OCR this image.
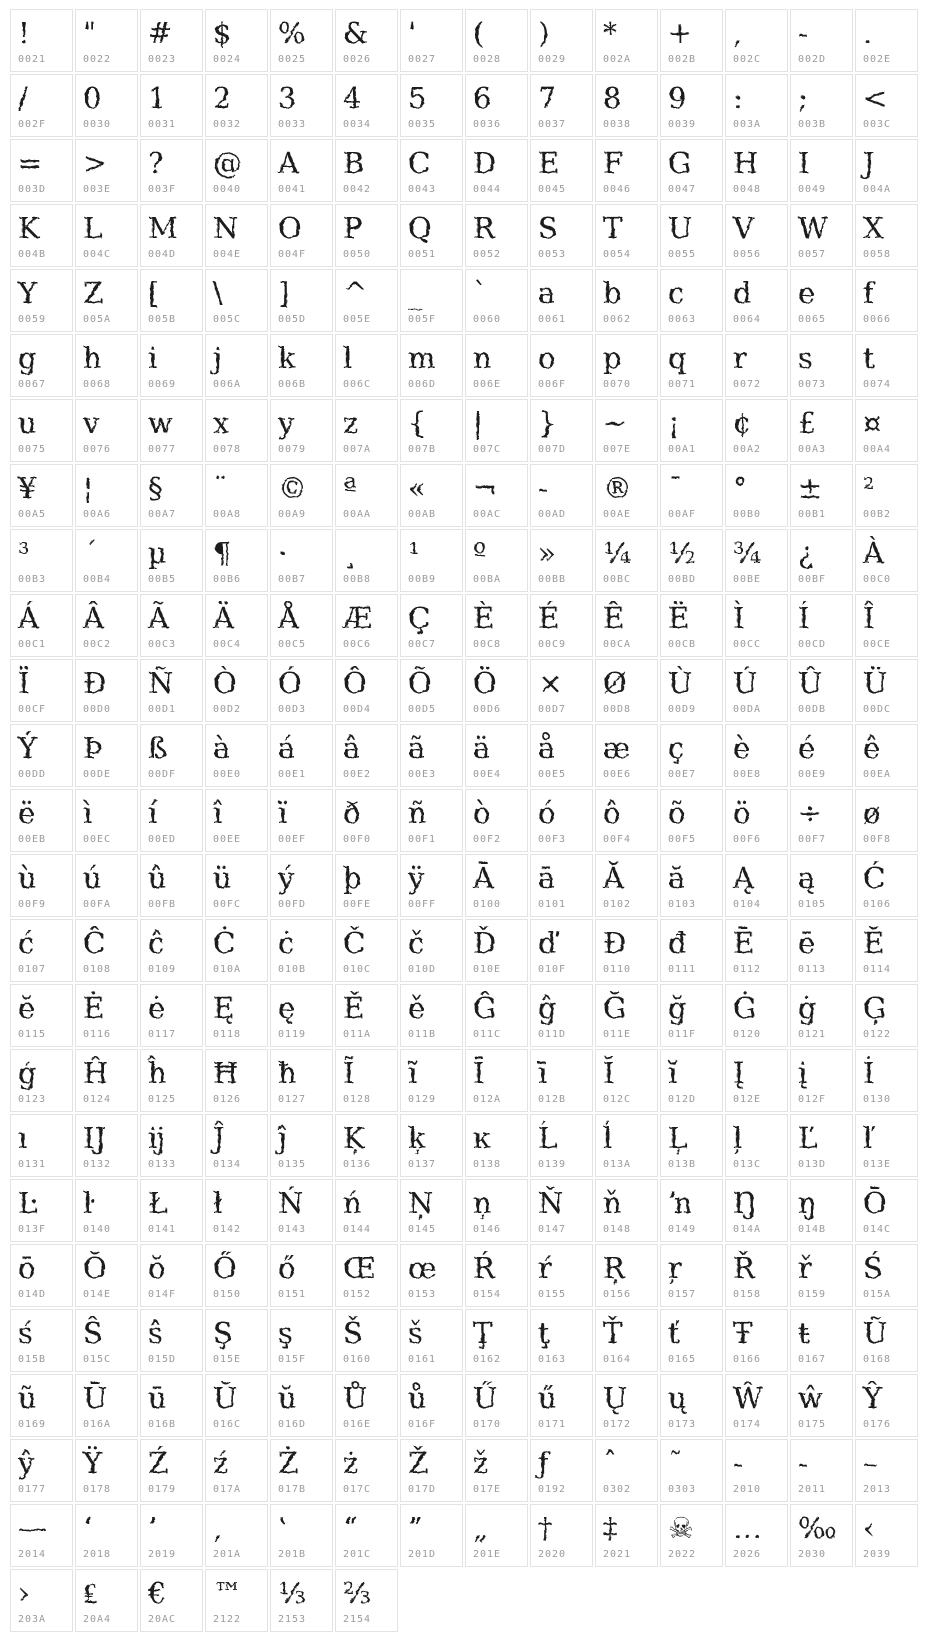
!
0021
"
0022
#
0023
$
0024
%
0025
&
0026
'
0027
(
0028
)
0029
*
002A
+
002B
,
002C
-
002D
.
002E
/
002F
0
0030
1
0031
2
0032
3
0033
4
0034
5
0035
6
0036
7
0037
8
0038
9
0039
:
003A
;
003B
<
003C
=
003D
>
003E
?
003F
@
0040
A
0041
B
0042
C
0043
D
0044
E
0045
F
0046
G
0047
H
0048
I
0049
J
004A
K
004B
L
004C
M
004D
N
004E
O
004F
P
0050
Q
0051
R
0052
S
0053
T
0054
U
0055
V
0056
W
0057
X
0058
Y
0059
Z
005A
[
005B
\
005C
]
005D
^
005E
_
005F
`
0060
a
0061
b
0062
c
0063
d
0064
e
0065
f
0066
g
0067
h
0068
i
0069
j
006A
k
006B
l
006C
m
006D
n
006E
o
006F
p
0070
q
0071
r
0072
s
0073
t
0074
u
0075
v
0076
w
0077
x
0078
y
0079
z
007A
{
007B
|
007C
}
007D
~
007E
¡
00A1
¢
00A2
£
00A3
¤
00A4
¥
00A5
¦
00A6
§
00A7
¨
00A8
©
00A9
ª
00AA
«
00AB
¬
00AC
-
00AD
®
00AE
¯
00AF
°
00B0
±
00B1
²
00B2
³
00B3
´
00B4
µ
00B5
¶
00B6
·
00B7
¸
00B8
¹
00B9
º
00BA
»
00BB
¼
00BC
½
00BD
¾
00BE
¿
00BF
À
00C0
Á
00C1
Â
00C2
Ã
00C3
Ä
00C4
Å
00C5
Æ
00C6
Ç
00C7
È
00C8
É
00C9
Ê
00CA
Ë
00CB
Ì
00CC
Í
00CD
Î
00CE
Ï
00CF
Ð
00D0
Ñ
00D1
Ò
00D2
Ó
00D3
Ô
00D4
Õ
00D5
Ö
00D6
×
00D7
Ø
00D8
Ù
00D9
Ú
00DA
Û
00DB
Ü
00DC
Ý
00DD
Þ
00DE
ß
00DF
à
00E0
á
00E1
â
00E2
ã
00E3
ä
00E4
å
00E5
æ
00E6
ç
00E7
è
00E8
é
00E9
ê
00EA
ë
00EB
ì
00EC
í
00ED
î
00EE
ï
00EF
ð
00F0
ñ
00F1
ò
00F2
ó
00F3
ô
00F4
õ
00F5
ö
00F6
÷
00F7
ø
00F8
ù
00F9
ú
00FA
û
00FB
ü
00FC
ý
00FD
þ
00FE
ÿ
00FF
Ā
0100
ā
0101
Ă
0102
ă
0103
Ą
0104
ą
0105
Ć
0106
ć
0107
Ĉ
0108
ĉ
0109
Ċ
010A
ċ
010B
Č
010C
č
010D
Ď
010E
ď
010F
Đ
0110
đ
0111
Ē
0112
ē
0113
Ĕ
0114
ĕ
0115
Ė
0116
ė
0117
Ę
0118
ę
0119
Ě
011A
ě
011B
Ĝ
011C
ĝ
011D
Ğ
011E
ğ
011F
Ġ
0120
ġ
0121
Ģ
0122
ģ
0123
Ĥ
0124
ĥ
0125
Ħ
0126
ħ
0127
Ĩ
0128
ĩ
0129
Ī
012A
ī
012B
Ĭ
012C
ĭ
012D
Į
012E
į
012F
İ
0130
ı
0131
Ĳ
0132
ĳ
0133
Ĵ
0134
ĵ
0135
Ķ
0136
ķ
0137
ĸ
0138
Ĺ
0139
ĺ
013A
Ļ
013B
ļ
013C
Ľ
013D
ľ
013E
Ŀ
013F
ŀ
0140
Ł
0141
ł
0142
Ń
0143
ń
0144
Ņ
0145
ņ
0146
Ň
0147
ň
0148
ŉ
0149
Ŋ
014A
ŋ
014B
Ō
014C
ō
014D
Ŏ
014E
ŏ
014F
Ő
0150
ő
0151
Œ
0152
œ
0153
Ŕ
0154
ŕ
0155
Ŗ
0156
ŗ
0157
Ř
0158
ř
0159
Ś
015A
ś
015B
Ŝ
015C
ŝ
015D
Ş
015E
ş
015F
Š
0160
š
0161
Ţ
0162
ţ
0163
Ť
0164
ť
0165
Ŧ
0166
ŧ
0167
Ũ
0168
ũ
0169
Ū
016A
ū
016B
Ŭ
016C
ŭ
016D
Ů
016E
ů
016F
Ű
0170
ű
0171
Ų
0172
ų
0173
Ŵ
0174
ŵ
0175
Ŷ
0176
ŷ
0177
Ÿ
0178
Ź
0179
ź
017A
Ż
017B
ż
017C
Ž
017D
ž
017E
ƒ
0192
ˆ
0302
˜
0303
‐
2010
‑
2011
–
2013
—
2014
‘
2018
’
2019
‚
201A
‛
201B
“
201C
”
201D
„
201E
†
2020
‡
2021
☠
2022
…
2026
‰
2030
‹
2039
›
203A
₤
20A4
€
20AC
™
2122
⅓
2153
⅔
2154
